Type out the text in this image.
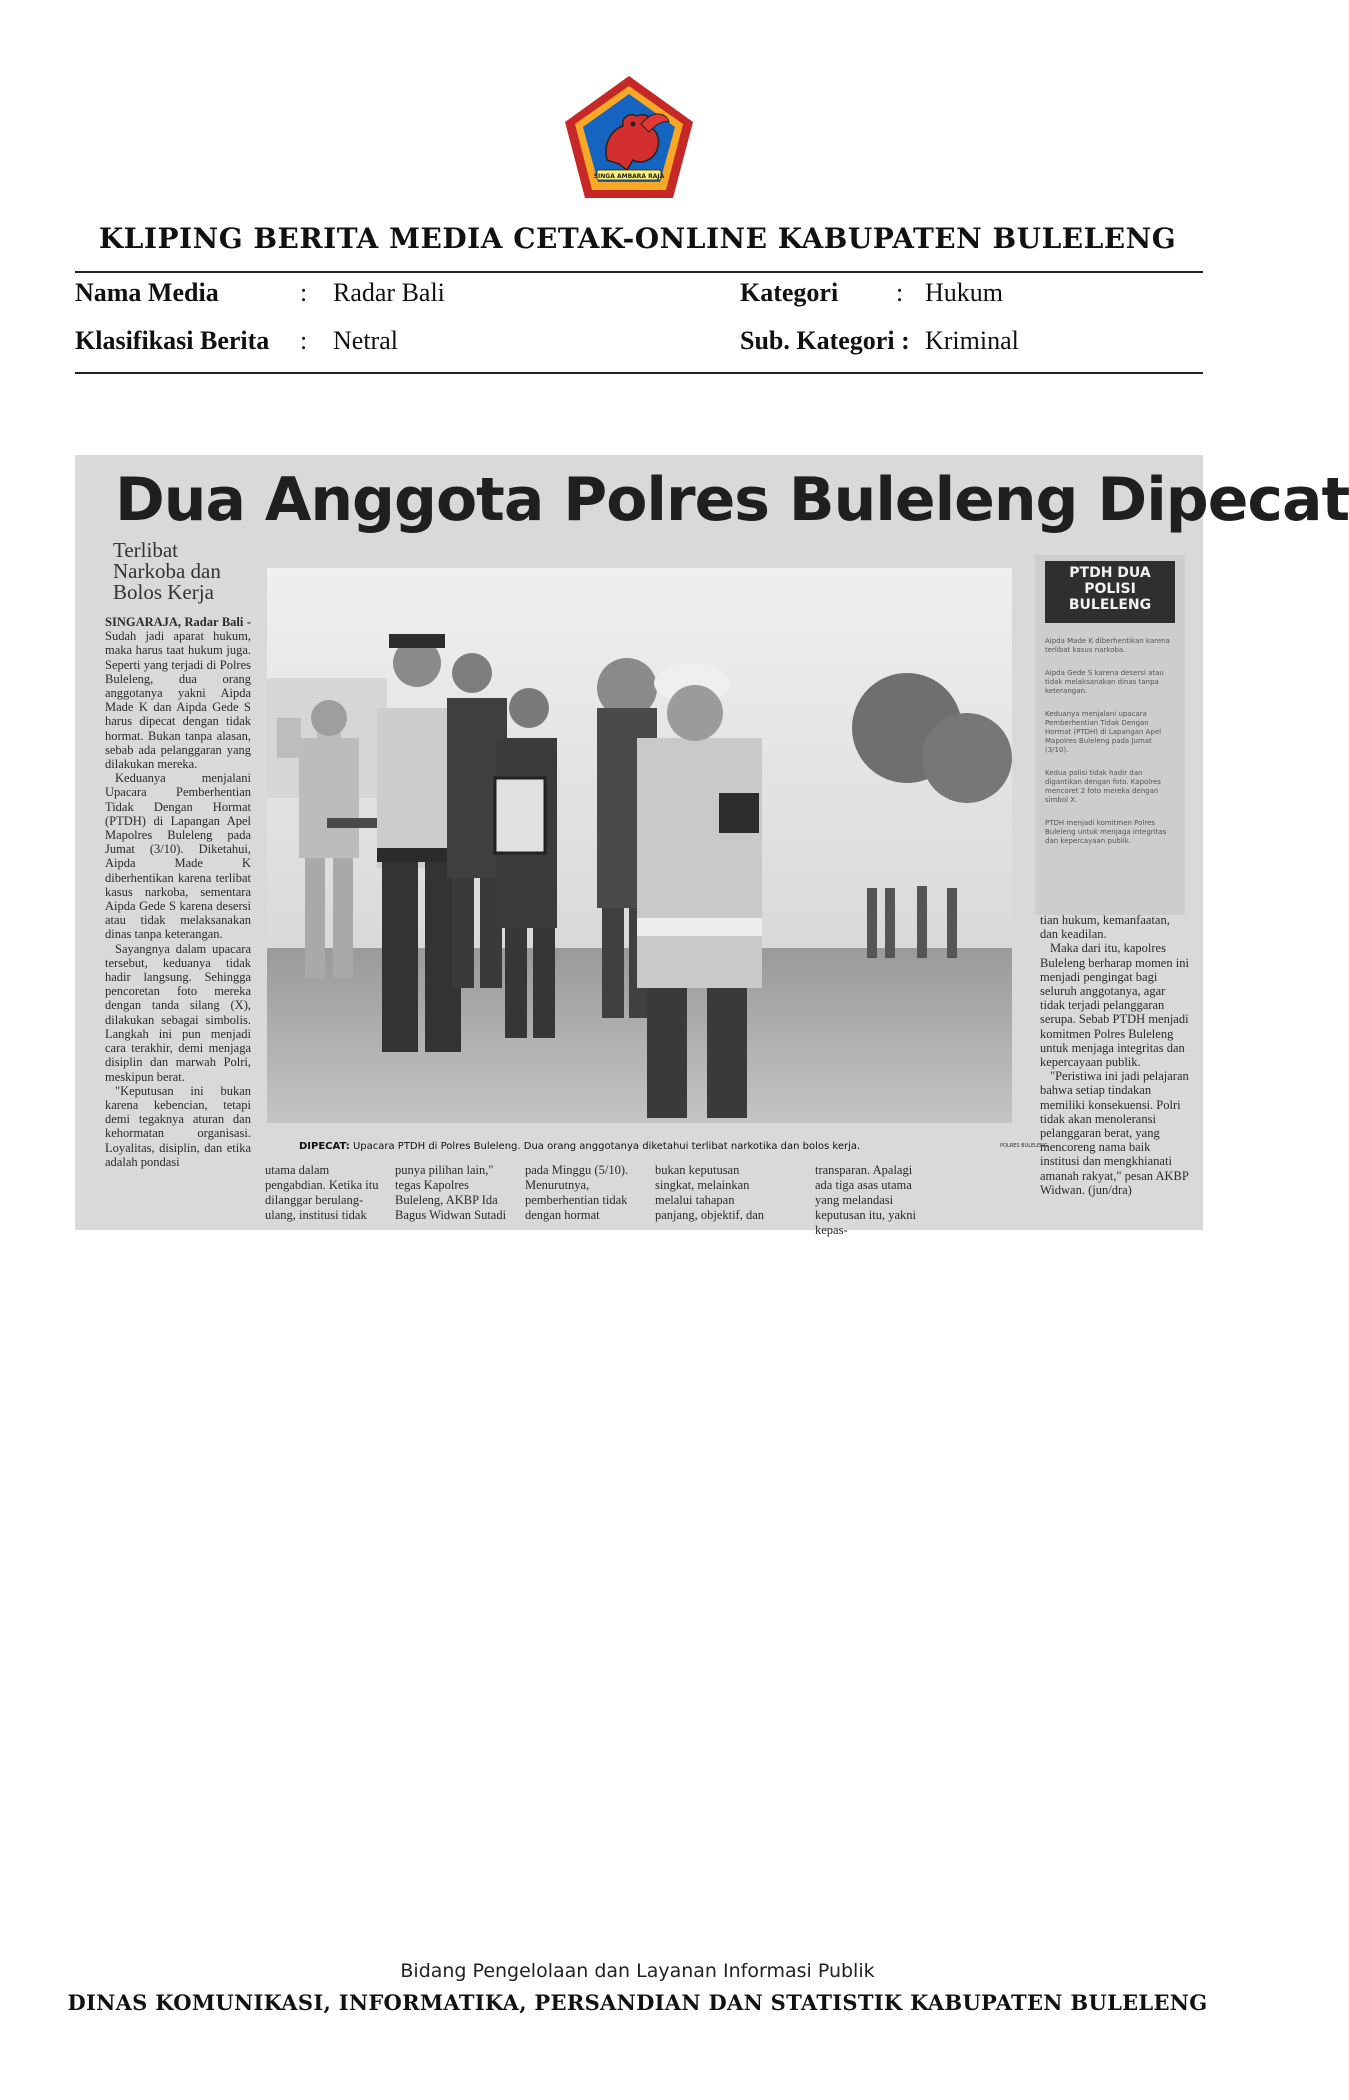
SINGA AMBARA RAJA
KLIPING BERITA MEDIA CETAK-ONLINE KABUPATEN BULELENG
Nama Media	: Radar Bali
Klasifikasi Berita : Netral
Kategori : Hukum
Sub. Kategori : Kriminal
Dua Anggota Polres Buleleng Dipecat
Terlibat Narkoba dan Bolos Kerja

SINGARAJA, Radar Bali - Sudah jadi aparat hukum, maka harus taat hukum juga. Seperti yang terjadi di Polres Buleleng, dua orang anggotanya yakni Aipda Made K dan Aipda Gede S harus dipecat dengan tidak hormat. Bukan tanpa alasan, sebab ada pelanggaran yang dilakukan mereka.

Keduanya menjalani Upacara Pemberhentian Tidak Dengan Hormat (PTDH) di Lapangan Apel Mapolres Buleleng pada Jumat (3/10). Diketahui, Aipda Made K diberhentikan karena terlibat kasus narkoba, sementara Aipda Gede S karena desersi atau tidak melaksanakan dinas tanpa keterangan.

Sayangnya dalam upacara tersebut, keduanya tidak hadir langsung. Sehingga pencoretan foto mereka dengan tanda silang (X), dilakukan sebagai simbolis. Langkah ini pun menjadi cara terakhir, demi menjaga disiplin dan marwah Polri, meskipun berat.

"Keputusan ini bukan karena kebencian, tetapi demi tegaknya aturan dan kehormatan organisasi. Loyalitas, disiplin, dan etika adalah pondasi

DIPECAT: Upacara PTDH di Polres Buleleng. Dua orang anggotanya diketahui terlibat narkotika dan bolos kerja.	POLRES BULELENG
utama dalam pengabdian. Ketika itu dilanggar berulang-ulang, institusi tidak
punya pilihan lain," tegas Kapolres Buleleng, AKBP Ida Bagus Widwan Sutadi
pada Minggu (5/10). Menurutnya, pemberhentian tidak dengan hormat
bukan keputusan singkat, melainkan melalui tahapan panjang, objektif, dan
transparan. Apalagi ada tiga asas utama yang melandasi keputusan itu, yakni kepas-
PTDH DUA POLISI BULELENG
Aipda Made K diberhentikan karena terlibat kasus narkoba.
Aipda Gede S karena desersi atau tidak melaksanakan dinas tanpa keterangan.
Keduanya menjalani upacara Pemberhentian Tidak Dengan Hormat (PTDH) di Lapangan Apel Mapolres Buleleng pada Jumat (3/10).
Kedua polisi tidak hadir dan digantikan dengan foto. Kapolres mencoret 2 foto mereka dengan simbol X.
PTDH menjadi komitmen Polres Buleleng untuk menjaga integritas dan kepercayaan publik.

tian hukum, kemanfaatan, dan keadilan.

Maka dari itu, kapolres Buleleng berharap momen ini menjadi pengingat bagi seluruh anggotanya, agar tidak terjadi pelanggaran serupa. Sebab PTDH menjadi komitmen Polres Buleleng untuk menjaga integritas dan kepercayaan publik.

"Peristiwa ini jadi pelajaran bahwa setiap tindakan memiliki konsekuensi. Polri tidak akan menoleransi pelanggaran berat, yang mencoreng nama baik institusi dan mengkhianati amanah rakyat," pesan AKBP Widwan. (jun/dra)

Bidang Pengelolaan dan Layanan Informasi Publik
DINAS KOMUNIKASI, INFORMATIKA, PERSANDIAN DAN STATISTIK KABUPATEN BULELENG
